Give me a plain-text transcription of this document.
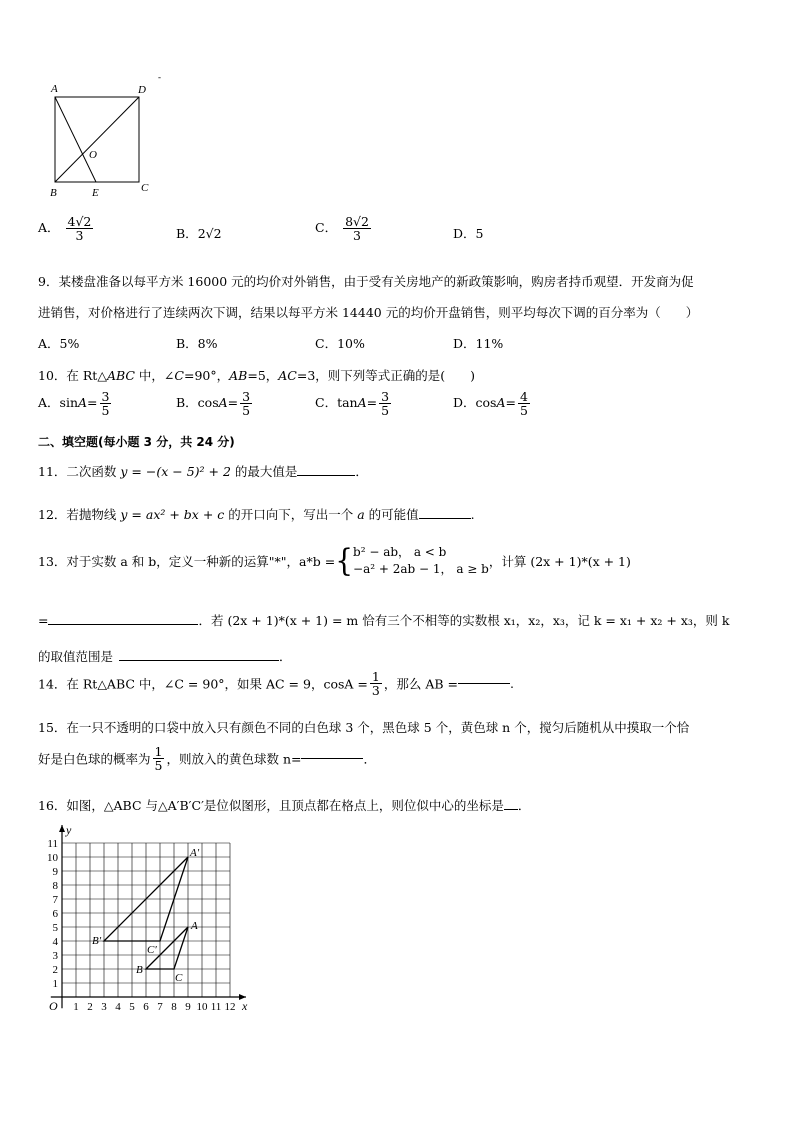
A	D
-
O
B	E	C
A． $\frac{4√2}{3}$	B．2√2	C． $\frac{8√2}{3}$	D．5
9．某楼盘准备以每平方米 16000 元的均价对外销售，由于受有关房地产的新政策影响，购房者持币观望．开发商为促
进销售，对价格进行了连续两次下调，结果以每平方米 14440 元的均价开盘销售，则平均每次下调的百分率为（　　）
A．5%	B．8%	C．10%	D．11%
10．在 Rt△ABC 中，∠C=90°，AB=5，AC=3，则下列等式正确的是(　　)
A．$\sin A= \frac{3}{5}$	B．$\cos A= \frac{3}{5}$	C．$\tan A= \frac{3}{5}$	D．$\cos A= \frac{4}{5}$
二、填空题(每小题 3 分，共 24 分)
11．二次函数 y = −(x − 5)² + 2 的最大值是	．
12．若抛物线 y = ax² + bx + c 的开口向下，写出一个 a 的可能值	.
13．对于实数 a 和 b，定义一种新的运算"*"，a*b ={ b² − ab， a < b
−a² + 2ab − 1， a ≥ b ，计算 (2x + 1)*(x + 1)
=	．若 (2x + 1)*(x + 1) = m 恰有三个不相等的实数根 x₁，x₂，x₃，记 k = x₁ + x₂ + x₃，则 k
的取值范围是	．
14．在 Rt△ABC 中，∠C = 90°，如果 AC = 9，$\cos A = \frac{1}{3}$ ，那么 AB =	.
15．在一只不透明的口袋中放入只有颜色不同的白色球 3 个，黑色球 5 个，黄色球 n 个，搅匀后随机从中摸取一个恰
好是白色球的概率为 $\frac{1}{5}$ ，则放入的黄色球数 n=	．
16．如图，△ABC 与△A′B′C′是位似图形，且顶点都在格点上，则位似中心的坐标是 ．
x
y
O 1 2 3 4 5 6 7 8 9 10 11 12
1
2
3
4
5
6
7
8
9
10
11
A
B
C
A′
B′
C′
